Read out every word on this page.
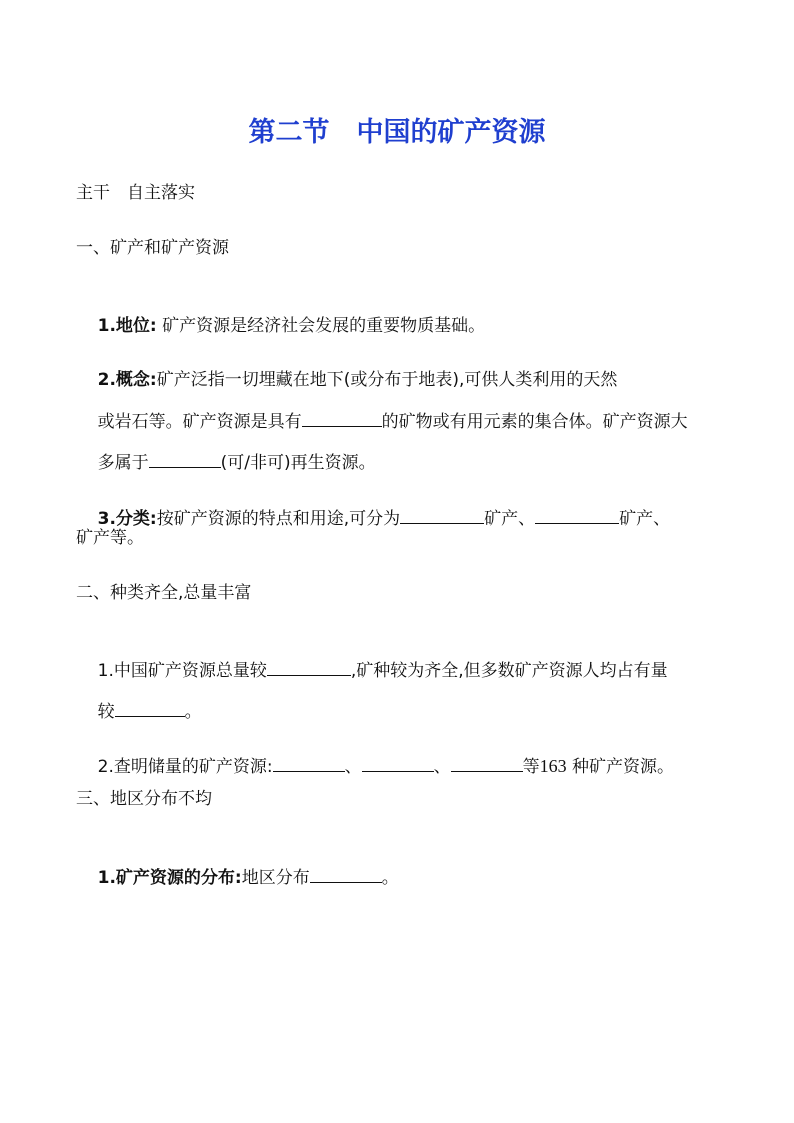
第二节　中国的矿产资源
主干　自主落实
一、矿产和矿产资源

1.地位: 矿产资源是经济社会发展的重要物质基础。

2.概念:矿产泛指一切埋藏在地下(或分布于地表),可供人类利用的天然

或岩石等。矿产资源是具有	的矿物或有用元素的集合体。矿产资源大

多属于	(可/非可)再生资源。

3.分类:按矿产资源的特点和用途,可分为	矿产、	矿产、

矿产等。
二、种类齐全,总量丰富

1.中国矿产资源总量较	,矿种较为齐全,但多数矿产资源人均占有量

较	。

2.查明储量的矿产资源:	、	、	等163 种矿产资源。

三、地区分布不均

1.矿产资源的分布:地区分布	。
